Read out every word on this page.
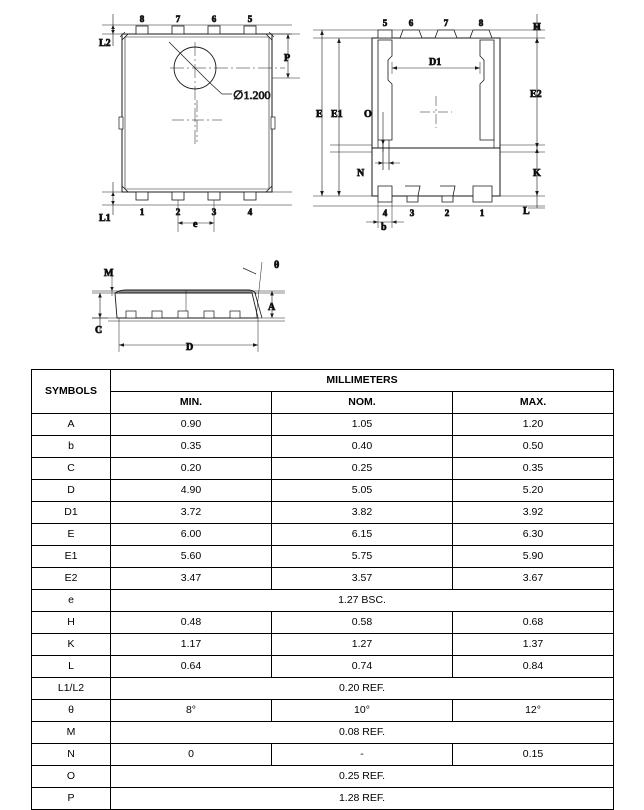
L2
L1
P
e
∅1.200
8	7	6	5
1	2	3	4
E E1 O
N
D1
H
E2
K
L
b
5 6	7	8
4	3	2	1
M
C
A
D
θ
SYMBOLS	MILLIMETERS		
	MIN.	NOM.	MAX.
A	0.90	1.05	1.20
b	0.35	0.40	0.50
C	0.20	0.25	0.35
D	4.90	5.05	5.20
D1	3.72	3.82	3.92
E	6.00	6.15	6.30
E1	5.60	5.75	5.90
E2	3.47	3.57	3.67
e	1.27 BSC.		
H	0.48	0.58	0.68
K	1.17	1.27	1.37
L	0.64	0.74	0.84
L1/L2	0.20 REF.		
θ	8°	10°	12°
M	0.08 REF.		
N	0	-	0.15
O	0.25 REF.		
P	1.28 REF.		
